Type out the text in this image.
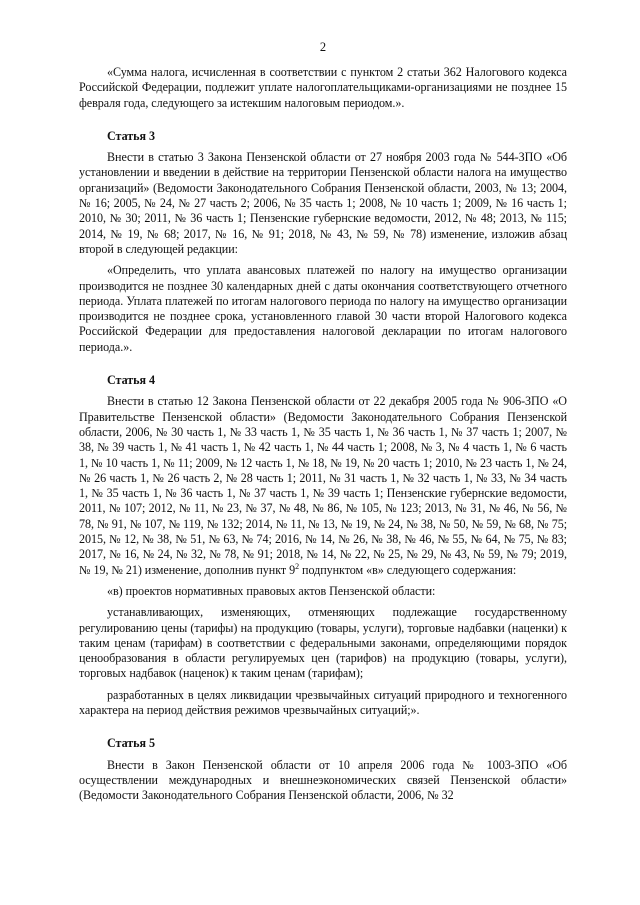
2

«Сумма налога, исчисленная в соответствии с пунктом 2 статьи 362 Налогового кодекса Российской Федерации, подлежит уплате налогоплательщиками-организациями не позднее 15 февраля года, следующего за истекшим налоговым периодом.».

Статья 3

Внести в статью 3 Закона Пензенской области от 27 ноября 2003 года № 544-ЗПО «Об установлении и введении в действие на территории Пензенской области налога на имущество организаций» (Ведомости Законодательного Собрания Пензенской области, 2003, № 13; 2004, № 16; 2005, № 24, № 27 часть 2; 2006, № 35 часть 1; 2008, № 10 часть 1; 2009, № 16 часть 1; 2010, № 30; 2011, № 36 часть 1; Пензенские губернские ведомости, 2012, № 48; 2013, № 115; 2014, № 19, № 68; 2017, № 16, № 91; 2018, № 43, № 59, № 78) изменение, изложив абзац второй в следующей редакции:

«Определить, что уплата авансовых платежей по налогу на имущество организации производится не позднее 30 календарных дней с даты окончания соответствующего отчетного периода. Уплата платежей по итогам налогового периода по налогу на имущество организации производится не позднее срока, установленного главой 30 части второй Налогового кодекса Российской Федерации для предоставления налоговой декларации по итогам налогового периода.».

Статья 4

Внести в статью 12 Закона Пензенской области от 22 декабря 2005 года № 906-ЗПО «О Правительстве Пензенской области» (Ведомости Законодательного Собрания Пензенской области, 2006, № 30 часть 1, № 33 часть 1, № 35 часть 1, № 36 часть 1, № 37 часть 1; 2007, № 38, № 39 часть 1, № 41 часть 1, № 42 часть 1, № 44 часть 1; 2008, № 3, № 4 часть 1, № 6 часть 1, № 10 часть 1, № 11; 2009, № 12 часть 1, № 18, № 19, № 20 часть 1; 2010, № 23 часть 1, № 24, № 26 часть 1, № 26 часть 2, № 28 часть 1; 2011, № 31 часть 1, № 32 часть 1, № 33, № 34 часть 1, № 35 часть 1, № 36 часть 1, № 37 часть 1, № 39 часть 1; Пензенские губернские ведомости, 2011, № 107; 2012, № 11, № 23, № 37, № 48, № 86, № 105, № 123; 2013, № 31, № 46, № 56, № 78, № 91, № 107, № 119, № 132; 2014, № 11, № 13, № 19, № 24, № 38, № 50, № 59, № 68, № 75; 2015, № 12, № 38, № 51, № 63, № 74; 2016, № 14, № 26, № 38, № 46, № 55, № 64, № 75, № 83; 2017, № 16, № 24, № 32, № 78, № 91; 2018, № 14, № 22, № 25, № 29, № 43, № 59, № 79; 2019, № 19, № 21) изменение, дополнив пункт $9^2$ подпунктом «в» следующего содержания:

«в) проектов нормативных правовых актов Пензенской области:

устанавливающих, изменяющих, отменяющих подлежащие государственному регулированию цены (тарифы) на продукцию (товары, услуги), торговые надбавки (наценки) к таким ценам (тарифам) в соответствии с федеральными законами, определяющими порядок ценообразования в области регулируемых цен (тарифов) на продукцию (товары, услуги), торговых надбавок (наценок) к таким ценам (тарифам);

разработанных в целях ликвидации чрезвычайных ситуаций природного и техногенного характера на период действия режимов чрезвычайных ситуаций;».

Статья 5

Внести в Закон Пензенской области от 10 апреля 2006 года № 1003-ЗПО «Об осуществлении международных и внешнеэкономических связей Пензенской области» (Ведомости Законодательного Собрания Пензенской области, 2006, № 32
